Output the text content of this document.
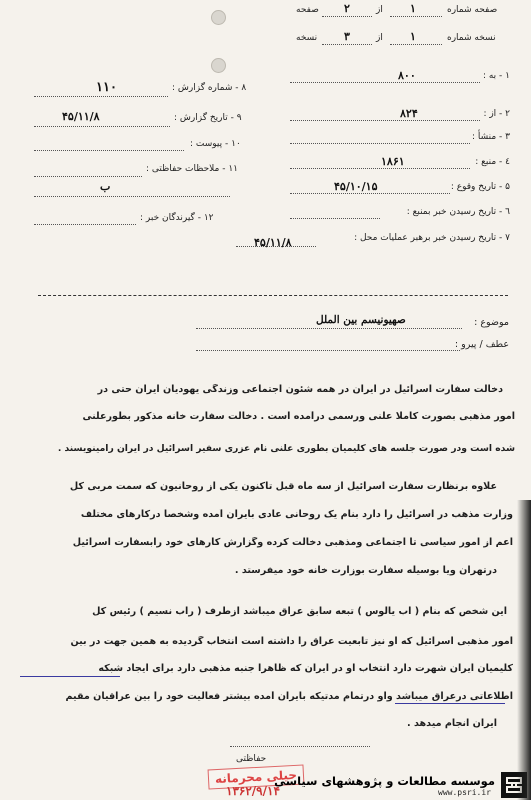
صفحه شماره
۱
از
۲
صفحه
نسخه شماره
۱
از
۳
نسخه
۱ - به :
۸۰۰
۲ - از :
۸۲۴
۳ - منشأ :
٤ - منبع :
۱۸۶۱
۵ - تاریخ وقوع :
۴۵/۱۰/۱۵
٦ - تاریخ رسیدن خبر بمنبع :
۷ - تاریخ رسیدن خبر برهبر عملیات محل :
۴۵/۱۱/۸
۸ - شماره گزارش :
۱۱۰
۹ - تاریخ گزارش :
۴۵/۱۱/۸
۱۰ - پیوست :
۱۱ - ملاحظات حفاظتی :
ب
۱۲ - گیرندگان خبر :
موضوع :
صهیونیسم بین الملل
عطف / پیرو :
دخالت سفارت اسرائیل در ایران در همه شئون اجتماعی وزندگی یهودیان ایران حتی در
امور مذهبی بصورت کاملا علنی ورسمی درآمده است . دخالت سفارت خانه مذکور بطورعلنی
شده است ودر صورت جلسه های کلیمیان بطوری علنی نام عزری سفیر اسرائیل در ایران رامینویسند .
علاوه برنظارت سفارت اسرائیل از سه ماه قبل تاکنون یکی از روحانیون که سمت مربی کل
وزارت مذهب در اسرائیل را دارد بنام یک روحانی عادی بایران آمده وشخصا درکارهای مختلف
اعم از امور سیاسی تا اجتماعی ومذهبی دخالت کرده وگزارش کارهای خود رابسفارت اسرائیل
درتهران ویا بوسیله سفارت بوزارت خانه خود میفرستد .
این شخص که بنام ( اب یالوس ) تبعه سابق عراق میباشد ازطرف ( راب نسیم ) رئیس کل
امور مذهبی اسرائیل که او نیز تابعیت عراق را داشته است انتخاب گردیده به همین جهت در بین
کلیمیان ایران شهرت دارد انتخاب او در ایران که ظاهرا جنبه مذهبی دارد برای ایجاد شبکه
اطلاعاتی درعراق میباشد واو درتمام مدتیکه بایران آمده بیشتر فعالیت خود را بین عراقیان مقیم
ایران انجام میدهد .
حفاظتی
حیلی محرمانه
موسسه مطالعات و پژوهشهای سیاسی
www.psri.ir
۱۳۶۲/۹/۱۴
